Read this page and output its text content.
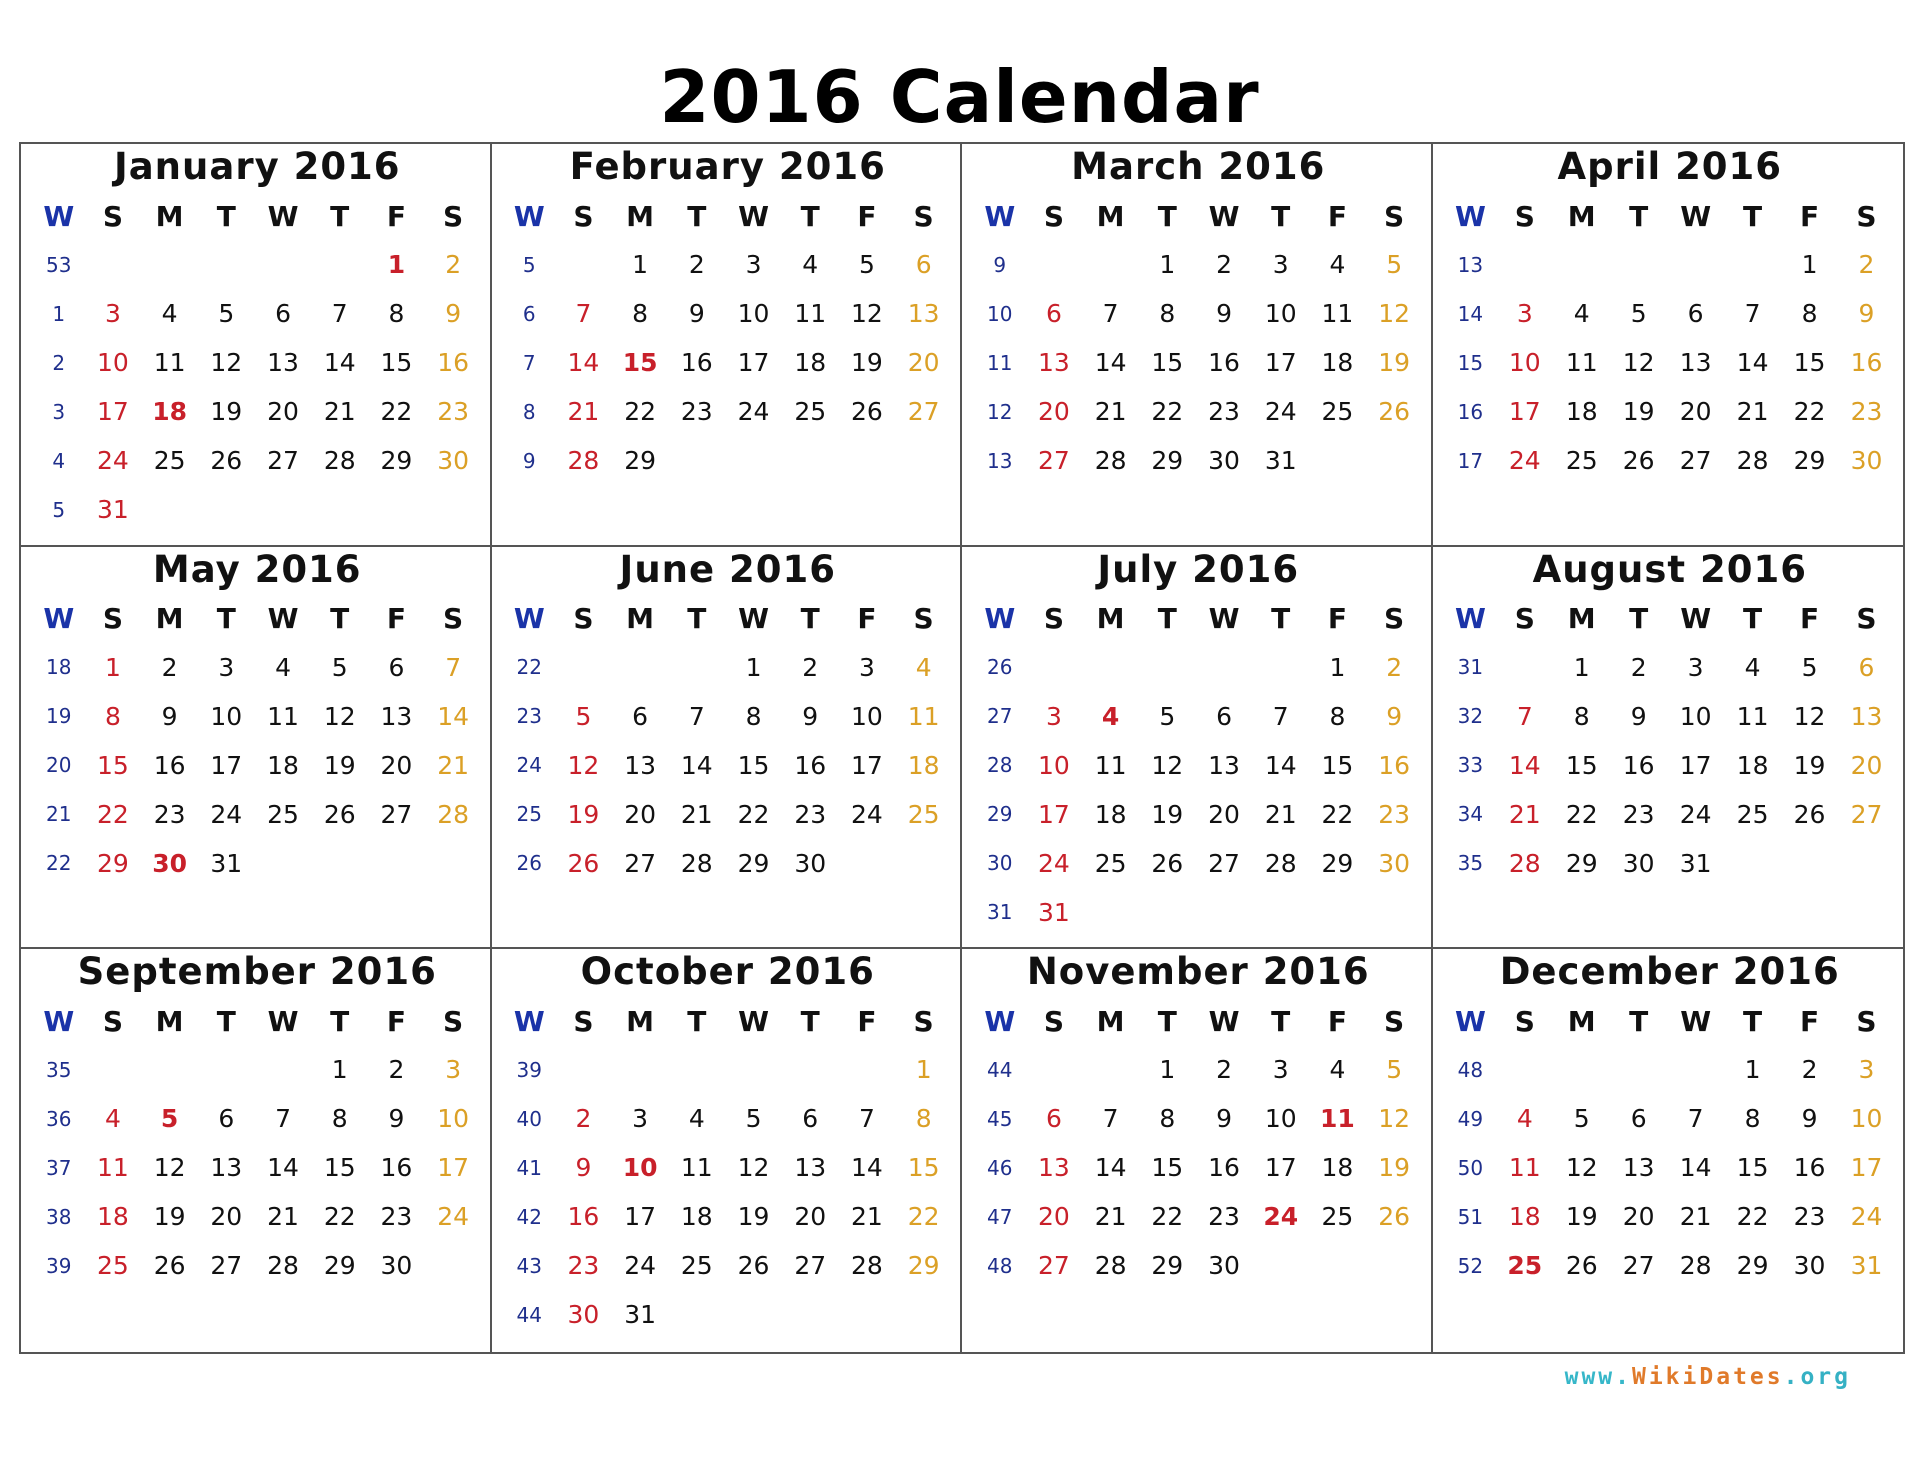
2016 Calendar
January 2016
W	S	M	T	W	T	F	S
53						1	2
1	3	4	5	6	7	8	9
2	10	11	12	13	14	15	16
3	17	18	19	20	21	22	23
4	24	25	26	27	28	29	30
5	31						
February 2016
W	S	M	T	W	T	F	S
5		1	2	3	4	5	6
6	7	8	9	10	11	12	13
7	14	15	16	17	18	19	20
8	21	22	23	24	25	26	27
9	28	29					
March 2016
W	S	M	T	W	T	F	S
9			1	2	3	4	5
10	6	7	8	9	10	11	12
11	13	14	15	16	17	18	19
12	20	21	22	23	24	25	26
13	27	28	29	30	31		
April 2016
W	S	M	T	W	T	F	S
13						1	2
14	3	4	5	6	7	8	9
15	10	11	12	13	14	15	16
16	17	18	19	20	21	22	23
17	24	25	26	27	28	29	30
May 2016
W	S	M	T	W	T	F	S
18	1	2	3	4	5	6	7
19	8	9	10	11	12	13	14
20	15	16	17	18	19	20	21
21	22	23	24	25	26	27	28
22	29	30	31				
June 2016
W	S	M	T	W	T	F	S
22				1	2	3	4
23	5	6	7	8	9	10	11
24	12	13	14	15	16	17	18
25	19	20	21	22	23	24	25
26	26	27	28	29	30		
July 2016
W	S	M	T	W	T	F	S
26						1	2
27	3	4	5	6	7	8	9
28	10	11	12	13	14	15	16
29	17	18	19	20	21	22	23
30	24	25	26	27	28	29	30
31	31						
August 2016
W	S	M	T	W	T	F	S
31		1	2	3	4	5	6
32	7	8	9	10	11	12	13
33	14	15	16	17	18	19	20
34	21	22	23	24	25	26	27
35	28	29	30	31			
September 2016
W	S	M	T	W	T	F	S
35					1	2	3
36	4	5	6	7	8	9	10
37	11	12	13	14	15	16	17
38	18	19	20	21	22	23	24
39	25	26	27	28	29	30	
October 2016
W	S	M	T	W	T	F	S
39							1
40	2	3	4	5	6	7	8
41	9	10	11	12	13	14	15
42	16	17	18	19	20	21	22
43	23	24	25	26	27	28	29
44	30	31					
November 2016
W	S	M	T	W	T	F	S
44			1	2	3	4	5
45	6	7	8	9	10	11	12
46	13	14	15	16	17	18	19
47	20	21	22	23	24	25	26
48	27	28	29	30			
December 2016
W	S	M	T	W	T	F	S
48					1	2	3
49	4	5	6	7	8	9	10
50	11	12	13	14	15	16	17
51	18	19	20	21	22	23	24
52	25	26	27	28	29	30	31
www.WikiDates.org
